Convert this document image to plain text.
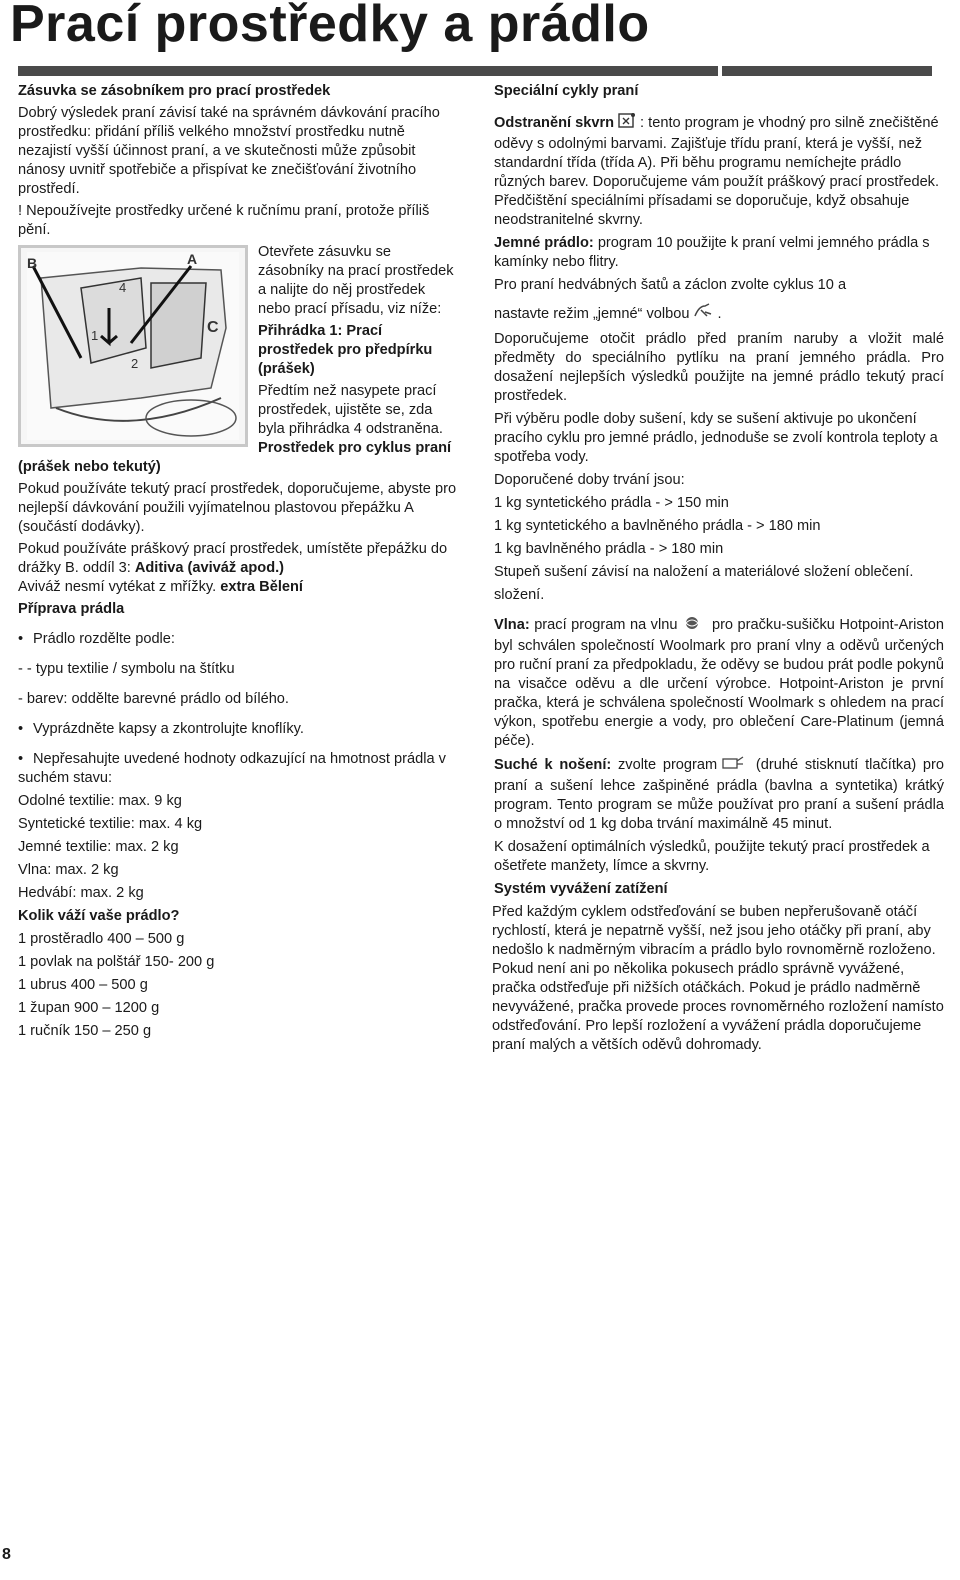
Prací prostředky a prádlo

Zásuvka se zásobníkem pro prací prostředek

Dobrý výsledek praní závisí také na správném dávkování pracího prostředku: přidání příliš velkého množství prostředku nutně nezajistí vyšší účinnost praní, a ve skutečnosti může způsobit nánosy uvnitř spotřebiče a přispívat ke znečišťování životního prostředí.

! Nepoužívejte prostředky určené k ručnímu praní, protože příliš pění.

B	A
C
4
1
2

Otevřete zásuvku se zásobníky na prací prostředek a nalijte do něj prostředek nebo prací přísadu, viz níže:

Přihrádka 1: Prací prostředek pro předpírku (prášek)

Předtím než nasypete prací prostředek, ujistěte se, zda byla přihrádka 4 odstraněna. Prostředek pro cyklus praní (prášek nebo tekutý)

Pokud používáte tekutý prací prostředek, doporučujeme, abyste pro nejlepší dávkování použili vyjímatelnou plastovou přepážku A (součástí dodávky).

Pokud používáte práškový prací prostředek, umístěte přepážku do drážky B. oddíl 3: Aditiva (aviváž apod.)
Aviváž nesmí vytékat z mřížky. extra Bělení

Příprava prádla

• Prádlo rozdělte podle:

- - typu textilie / symbolu na štítku

- barev: oddělte barevné prádlo od bílého.

• Vyprázdněte kapsy a zkontrolujte knoflíky.

• Nepřesahujte uvedené hodnoty odkazující na hmotnost prádla v suchém stavu:

Odolné textilie: max. 9 kg

Syntetické textilie: max. 4 kg

Jemné textilie: max. 2 kg

Vlna: max. 2 kg

Hedvábí: max. 2 kg

Kolik váží vaše prádlo?

1 prostěradlo 400 – 500 g

1 povlak na polštář 150- 200 g

1 ubrus 400 – 500 g

1 župan 900 – 1200 g

1 ručník 150 – 250 g

Speciální cykly praní

Odstranění skvrn : tento program je vhodný pro silně znečištěné oděvy s odolnými barvami. Zajišťuje třídu praní, která je vyšší, než standardní třída (třída A). Při běhu programu nemíchejte prádlo různých barev. Doporučujeme vám použít práškový prací prostředek. Předčištění speciálními přísadami se doporučuje, když obsahuje neodstranitelné skvrny.

Jemné prádlo: program 10 použijte k praní velmi jemného prádla s kamínky nebo flitry.

Pro praní hedvábných šatů a záclon zvolte cyklus 10 a
nastavte režim „jemné“ volbou .

Doporučujeme otočit prádlo před praním naruby a vložit malé předměty do speciálního pytlíku na praní jemného prádla. Pro dosažení nejlepších výsledků použijte na jemné prádlo tekutý prací prostředek.

Při výběru podle doby sušení, kdy se sušení aktivuje po ukončení pracího cyklu pro jemné prádlo, jednoduše se zvolí kontrola teploty a spotřeba vody.

Doporučené doby trvání jsou:

1 kg syntetického prádla - > 150 min

1 kg syntetického a bavlněného prádla - > 180 min

1 kg bavlněného prádla - > 180 min

Stupeň sušení závisí na naložení a materiálové složení oblečení.

složení.

Vlna: prací program na vlnu pro pračku-sušičku Hotpoint-Ariston byl schválen společností Woolmark pro praní vlny a oděvů určených pro ruční praní za předpokladu, že oděvy se budou prát podle pokynů na visačce oděvu a dle určení výrobce. Hotpoint-Ariston je první pračka, která je schválena společností Woolmark s ohledem na prací výkon, spotřebu energie a vody, pro oblečení Care-Platinum (jemná péče).

Suché k nošení: zvolte program	(druhé stisknutí tlačítka) pro praní a sušení lehce zašpiněné prádla (bavlna a syntetika) krátký program. Tento program se může používat pro praní a sušení prádla o množství od 1 kg doba trvání maximálně 45 minut.

K dosažení optimálních výsledků, použijte tekutý prací prostředek a ošetřete manžety, límce a skvrny.

Systém vyvážení zatížení

Před každým cyklem odstřeďování se buben nepřerušovaně otáčí rychlostí, která je nepatrně vyšší, než jsou jeho otáčky při praní, aby nedošlo k nadměrným vibracím a prádlo bylo rovnoměrně rozloženo. Pokud není ani po několika pokusech prádlo správně vyvážené, pračka odstřeďuje při nižších otáčkách. Pokud je prádlo nadměrně nevyvážené, pračka provede proces rovnoměrného rozložení namísto odstřeďování. Pro lepší rozložení a vyvážení prádla doporučujeme praní malých a větších oděvů dohromady.

8
